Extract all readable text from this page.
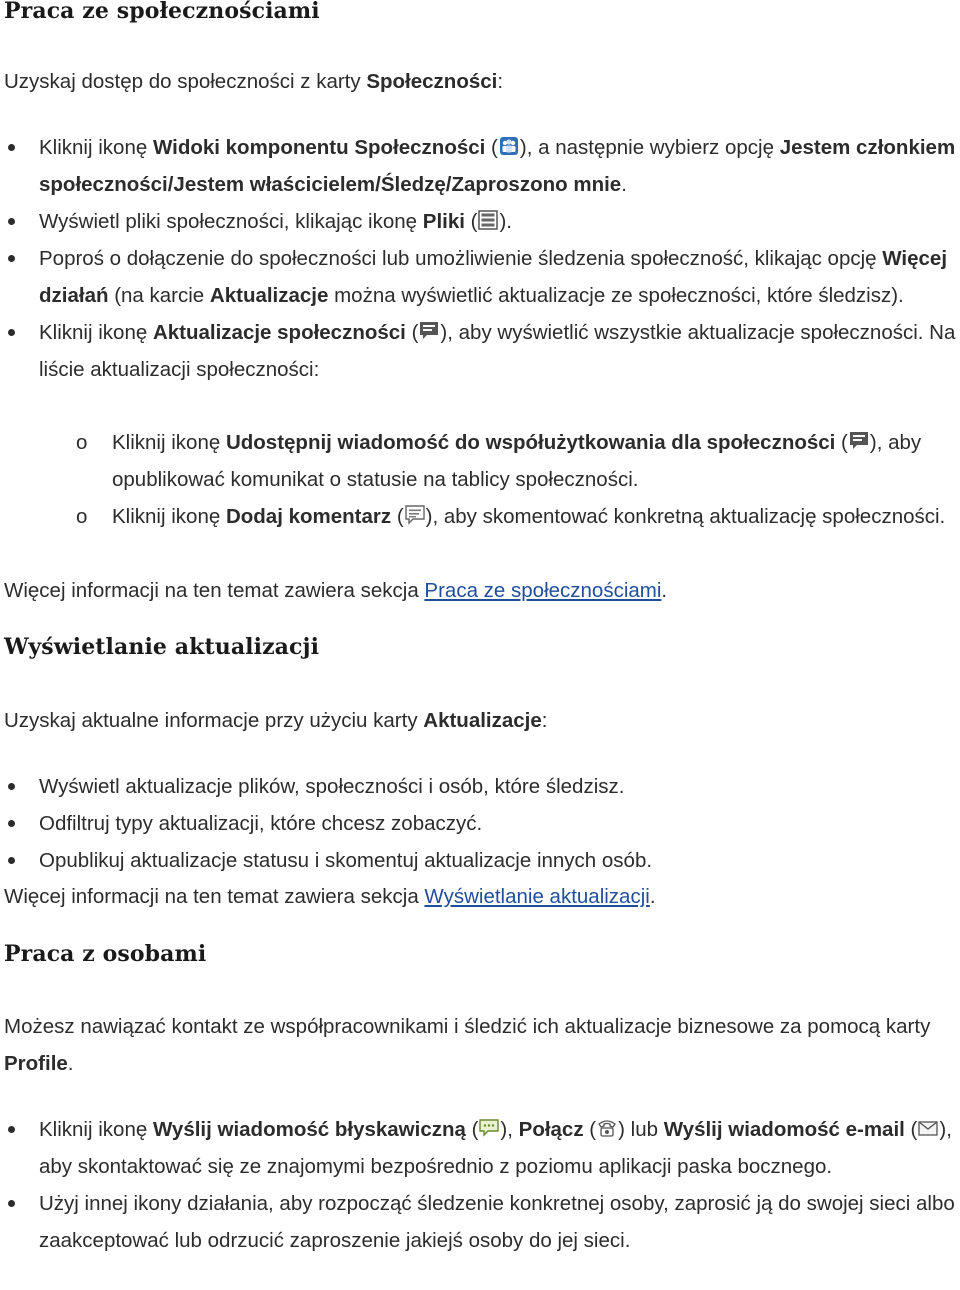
Praca ze społecznościami

Uzyskaj dostęp do społeczności z karty Społeczności:

Kliknij ikonę Widoki komponentu Społeczności ( ), a następnie wybierz opcję Jestem członkiem społeczności/Jestem właścicielem/Śledzę/Zaproszono mnie.
Wyświetl pliki społeczności, klikając ikonę Pliki ( ).
Poproś o dołączenie do społeczności lub umożliwienie śledzenia społeczność, klikając opcję Więcej działań (na karcie Aktualizacje można wyświetlić aktualizacje ze społeczności, które śledzisz).
Kliknij ikonę Aktualizacje społeczności ( ), aby wyświetlić wszystkie aktualizacje społeczności. Na liście aktualizacji społeczności:
o Kliknij ikonę Udostępnij wiadomość do współużytkowania dla społeczności ( ), aby opublikować komunikat o statusie na tablicy społeczności.
o Kliknij ikonę Dodaj komentarz ( ), aby skomentować konkretną aktualizację społeczności.

Więcej informacji na ten temat zawiera sekcja Praca ze społecznościami.

Wyświetlanie aktualizacji

Uzyskaj aktualne informacje przy użyciu karty Aktualizacje:

Wyświetl aktualizacje plików, społeczności i osób, które śledzisz.
Odfiltruj typy aktualizacji, które chcesz zobaczyć.
Opublikuj aktualizacje statusu i skomentuj aktualizacje innych osób.

Więcej informacji na ten temat zawiera sekcja Wyświetlanie aktualizacji.

Praca z osobami

Możesz nawiązać kontakt ze współpracownikami i śledzić ich aktualizacje biznesowe za pomocą karty Profile.

Kliknij ikonę Wyślij wiadomość błyskawiczną ( ), Połącz ( ) lub Wyślij wiadomość e-mail ( ), aby skontaktować się ze znajomymi bezpośrednio z poziomu aplikacji paska bocznego.
Użyj innej ikony działania, aby rozpocząć śledzenie konkretnej osoby, zaprosić ją do swojej sieci albo zaakceptować lub odrzucić zaproszenie jakiejś osoby do jej sieci.
